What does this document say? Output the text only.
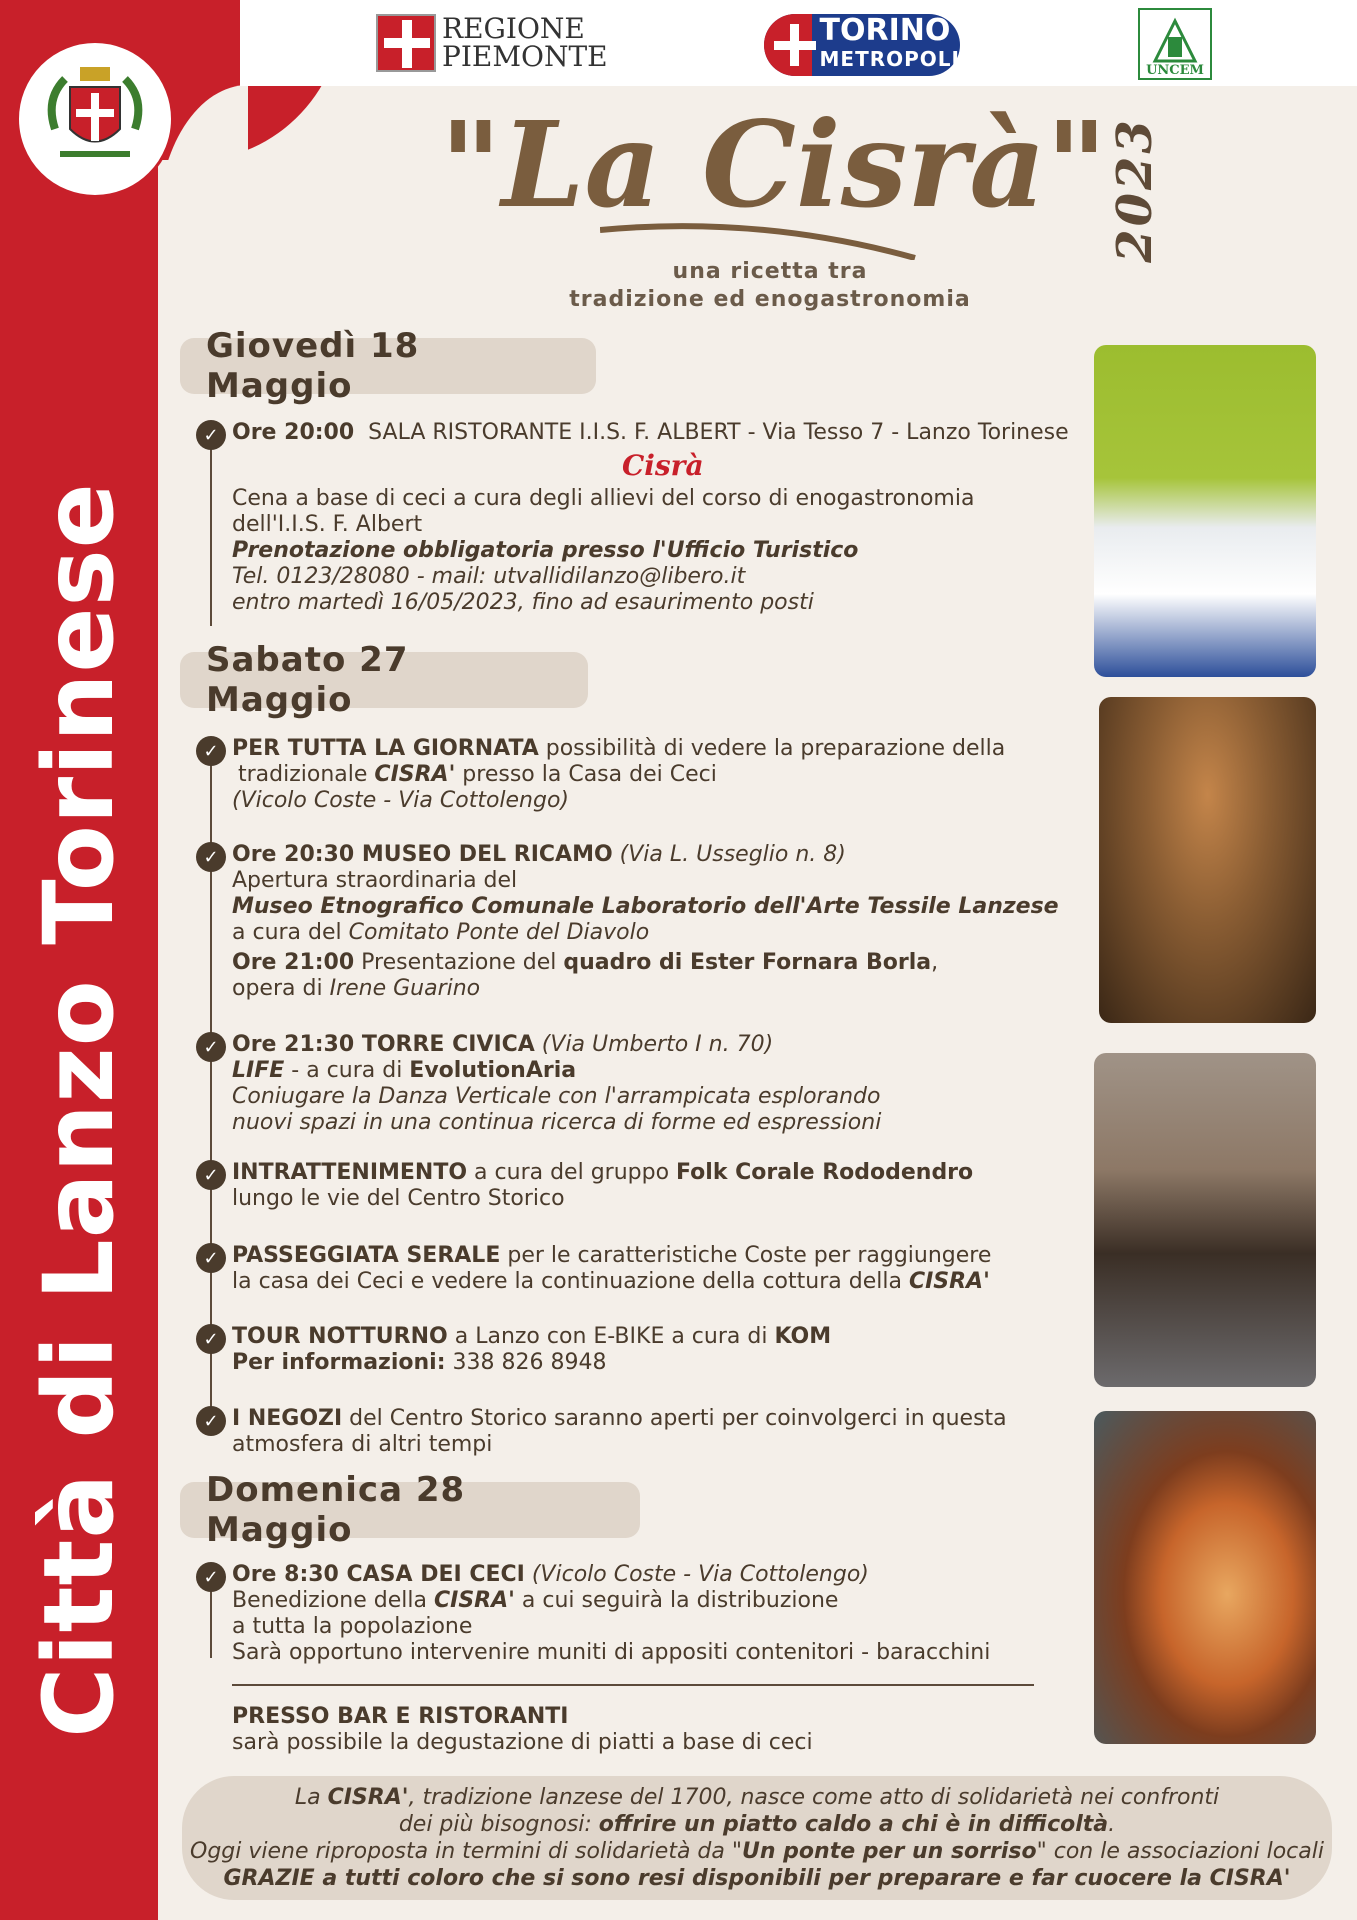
Città di Lanzo Torinese
REGIONE
PIEMONTE
TORINO
METROPOLI	UNCEM
"La Cisrà"
una ricetta tra
tradizione ed enogastronomia
2023
Giovedì 18 Maggio
✓ Ore 20:00 SALA RISTORANTE I.I.S. F. ALBERT - Via Tesso 7 - Lanzo Torinese
Cisrà
Cena a base di ceci a cura degli allievi del corso di enogastronomia
dell'I.I.S. F. Albert
Prenotazione obbligatoria presso l'Ufficio Turistico
Tel. 0123/28080 - mail: utvallidilanzo@libero.it
entro martedì 16/05/2023, fino ad esaurimento posti
Sabato 27 Maggio
✓ PER TUTTA LA GIORNATA possibilità di vedere la preparazione della
tradizionale CISRA' presso la Casa dei Ceci
(Vicolo Coste - Via Cottolengo)
✓ Ore 20:30 MUSEO DEL RICAMO (Via L. Usseglio n. 8)
Apertura straordinaria del
Museo Etnografico Comunale Laboratorio dell'Arte Tessile Lanzese
a cura del Comitato Ponte del Diavolo
Ore 21:00 Presentazione del quadro di Ester Fornara Borla,
opera di Irene Guarino
✓ Ore 21:30 TORRE CIVICA (Via Umberto I n. 70)
LIFE - a cura di EvolutionAria
Coniugare la Danza Verticale con l'arrampicata esplorando
nuovi spazi in una continua ricerca di forme ed espressioni
✓ INTRATTENIMENTO a cura del gruppo Folk Corale Rododendro
lungo le vie del Centro Storico
✓ PASSEGGIATA SERALE per le caratteristiche Coste per raggiungere
la casa dei Ceci e vedere la continuazione della cottura della CISRA'
✓ TOUR NOTTURNO a Lanzo con E-BIKE a cura di KOM
Per informazioni: 338 826 8948
✓ I NEGOZI del Centro Storico saranno aperti per coinvolgerci in questa
atmosfera di altri tempi
Domenica 28 Maggio
✓ Ore 8:30 CASA DEI CECI (Vicolo Coste - Via Cottolengo)
Benedizione della CISRA' a cui seguirà la distribuzione
a tutta la popolazione
Sarà opportuno intervenire muniti di appositi contenitori - baracchini
PRESSO BAR E RISTORANTI
sarà possibile la degustazione di piatti a base di ceci
La CISRA', tradizione lanzese del 1700, nasce come atto di solidarietà nei confronti
dei più bisognosi: offrire un piatto caldo a chi è in difficoltà.
Oggi viene riproposta in termini di solidarietà da "Un ponte per un sorriso" con le associazioni locali
GRAZIE a tutti coloro che si sono resi disponibili per preparare e far cuocere la CISRA'
